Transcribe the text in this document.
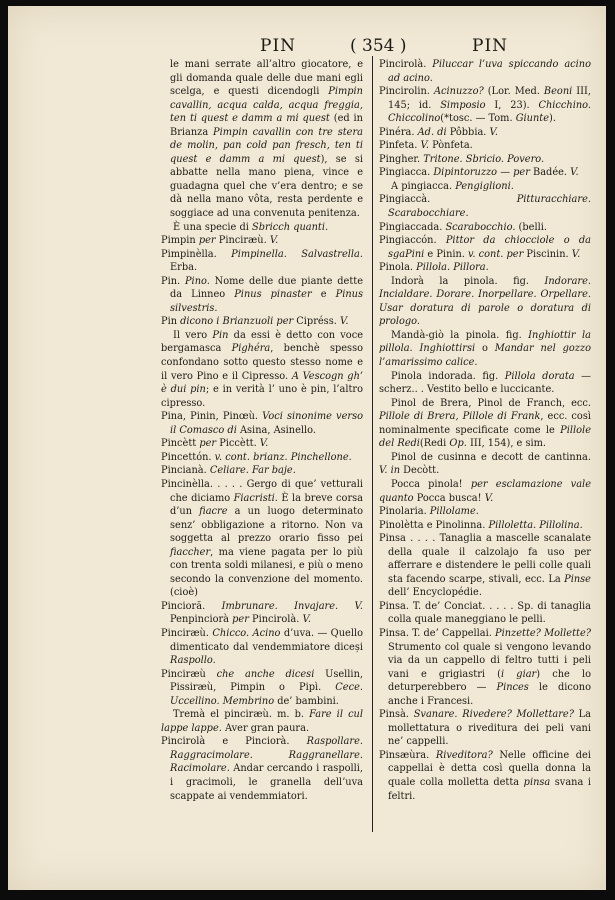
PIN	( 354 )	PIN

le mani serrate all’altro giocatore, e gli domanda quale delle due mani egli scelga, e questi dicendogli Pimpin cavallin, acqua calda, acqua freggia, ten ti quest e damm a mi quest (ed in Brianza Pimpin cavallin con tre stera de molin, pan cold pan fresch, ten ti quest e damm a mi quest), se si abbatte nella mano piena, vince e guadagna quel che v’era dentro; e se dà nella mano vôta, resta perdente e soggiace ad una convenuta penitenza.

È una specie di Sbricch quanti.

Pimpin per Pinciræù. V.

Pimpinèlla. Pimpinella. Salvastrella. Erba.

Pin. Pino. Nome delle due piante dette da Linneo Pinus pinaster e Pinus silvestris.

Pin dicono i Brianzuoli per Cipréss. V.

Il vero Pin da essi è detto con voce bergamasca Pighéra, benchè spesso confondano sotto questo stesso nome e il vero Pino e il Cipresso. A Vescogn gh’ è dui pin; e in verità l’ uno è pin, l’altro cipresso.

Pina, Pinin, Pinœù. Voci sinonime verso il Comasco di Asina, Asinello.

Pincètt per Piccètt. V.

Pincettón. v. cont. brianz. Pinchellone.

Pincianà. Celiare. Far baje.

Pincinèlla. . . . . Gergo di que’ vetturali che diciamo Fiacristi. È la breve corsa d’un fiacre a un luogo determinato senz’ obbligazione a ritorno. Non va soggetta al prezzo orario fisso pei fiaccher, ma viene pagata per lo più con trenta soldi milanesi, e più o meno secondo la convenzione del momento. (cioè)

Pincioră. Imbrunare. Invajare. V. Penpinciorà per Pincirolà. V.

Pinciræù. Chicco. Acino d’uva. — Quello dimenticato dal vendemmiatore diceși Raspollo.

Pinciræù che anche dicesi Usellin, Pissiræù, Pimpin o Pipì. Cece. Uccellino. Membrino de’ bambini.

Tremà el pinciræù. m. b. Fare il cul lappe lappe. Aver gran paura.

Pincirolà e Pinciorà. Raspollare. Raggracimolare. Raggranellare. Racimolare. Andar cercando i raspolli, i gracimoli, le granella dell’uva scappate ai vendemmiatori.

Pincirolà. Piluccar l’uva spiccando acino ad acino.

Pincirolin. Acinuzzo? (Lor. Med. Beoni III, 145; id. Simposio I, 23). Chicchino. Chiccolino(*tosc. — Tom. Giunte).

Pinéra. Ad. di Pôbbia. V.

Pinfeta. V. Pònfeta.

Pingher. Tritone. Sbricio. Povero.

Pingiacca. Dipintoruzzo — per Badée. V.

A pingiacca. Pengiglioni.

Pingiaccà. Pitturacchiare. Scarabocchiare.

Pingiaccada. Scarabocchio. (belli.

Pingiaccón. Pittor da chiocciole o da sgaPini e Pinin. v. cont. per Piscinin. V.

Pinola. Pillola. Pillora.

Indorà la pinola. fig. Indorare. Incialdare. Dorare. Inorpellare. Orpellare. Usar doratura di parole o doratura di prologo.

Mandà-giò la pinola. fig. Inghiottir la pillola. Inghiottirsi o Mandar nel gozzo l’amarissimo calice.

Pinola indorada. fig. Pillola dorata — scherz.. . Vestito bello e luccicante.

Pinol de Brera, Pinol de Franch, ecc. Pillole di Brera, Pillole di Frank, ecc. così nominalmente specificate come le Pillole del Redi(Redi Op. III, 154), e sim.

Pinol de cusinna e decott de cantinna. V. in Decòtt.

Pocca pinola! per esclamazione vale quanto Pocca busca! V.

Pinolaria. Pillolame.

Pinolètta e Pinolinna. Pilloletta. Pillolina.

Pinsa . . . . Tanaglia a mascelle scanalate della quale il calzolajo fa uso per afferrare e distendere le pelli colle quali sta facendo scarpe, stivali, ecc. La Pinse dell’ Encyclopédie.

Pinsa. T. de’ Conciat. . . . . Sp. di tanaglia colla quale maneggiano le pelli.

Pinsa. T. de’ Cappellai. Pinzette? Mollette? Strumento col quale si vengono levando via da un cappello di feltro tutti i peli vani e grigiastri (i giar) che lo deturperebbero — Pinces le dicono anche i Francesi.

Pinsà. Svanare. Rivedere? Mollettare? La mollettatura o riveditura dei peli vani ne’ cappelli.

Pinsæùra. Riveditora? Nelle officine dei cappellai è detta così quella donna la quale colla molletta detta pinsa svana i feltri.
